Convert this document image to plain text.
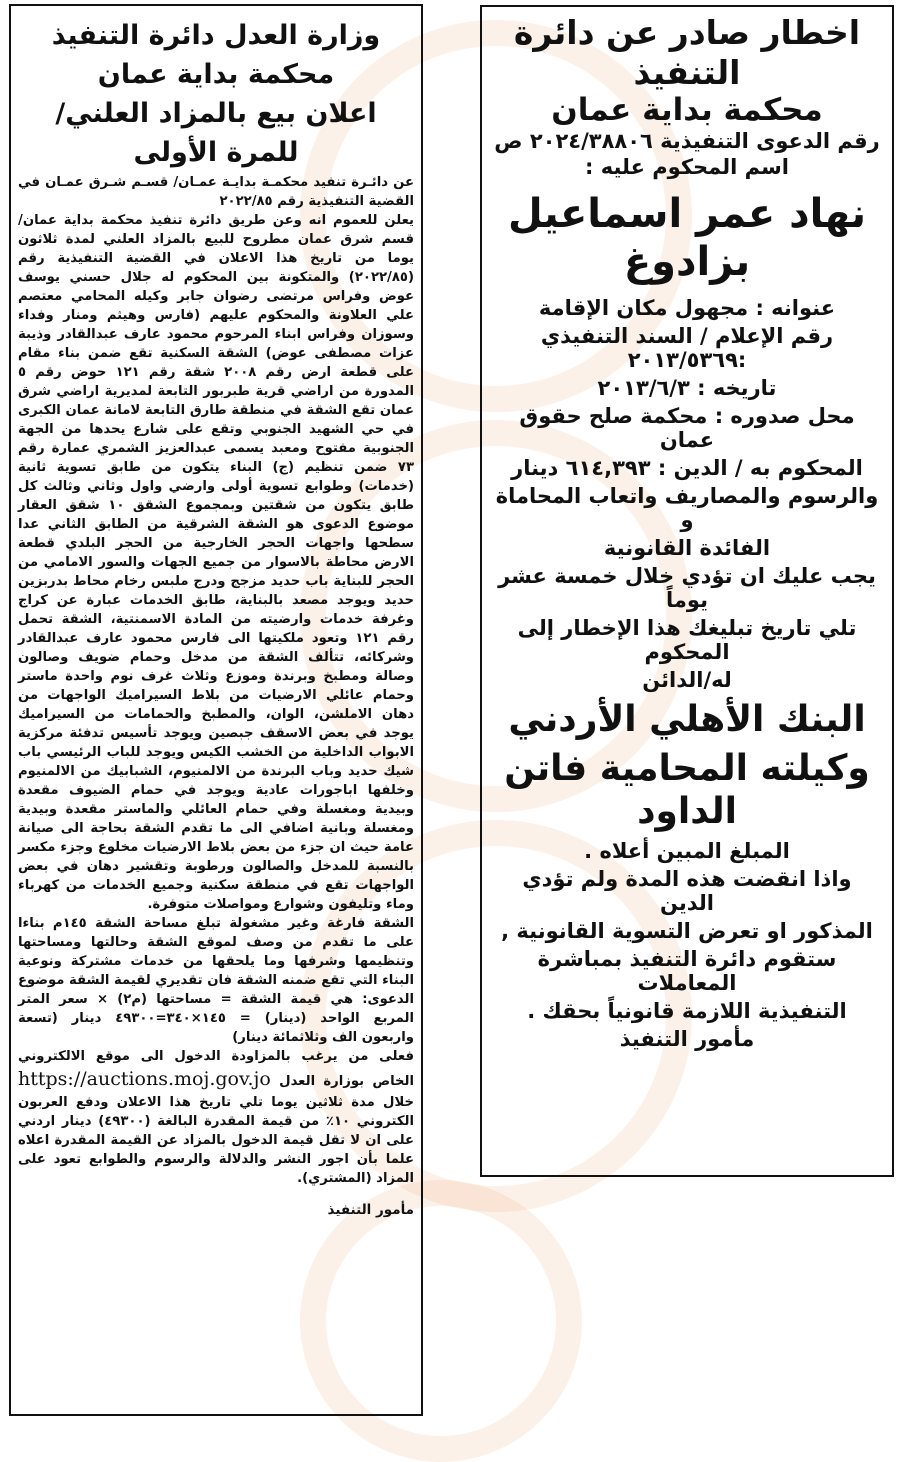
وزارة العدل دائرة التنفيذ

محكمة بداية عمان

اعلان بيع بالمزاد العلني/

للمرة الأولى

عن دائـرة تنفيد محكمـة بدايـة عمـان/ قسـم شـرق عمـان في القضية التنفيذية رقم ٢٠٢٢/٨٥

يعلن للعموم انه وعن طريق دائرة تنفيذ محكمة بداية عمان/ قسم شرق عمان مطروح للبيع بالمزاد العلني لمدة ثلاثون يوما من تاريخ هذا الاعلان في القضية التنفيذية رقم (٢٠٢٢/٨٥) والمتكونة بين المحكوم له جلال حسني يوسف عوض وفراس مرتضى رضوان جابر وكيله المحامي معتصم علي العلاونة والمحكوم عليهم (فارس وهيثم ومنار وفداء وسوزان وفراس ابناء المرحوم محمود عارف عبدالقادر وذيبة عزات مصطفى عوض) الشقة السكنية تقع ضمن بناء مقام على قطعة ارض رقم ٢٠٠٨ شقة رقم ١٢١ حوض رقم ٥ المدورة من اراضي قرية طبربور التابعة لمديرية اراضي شرق عمان تقع الشقة في منطقة طارق التابعة لامانة عمان الكبرى في حي الشهيد الجنوبي وتقع على شارع يحدها من الجهة الجنوبية مفتوح ومعبد يسمى عبدالعزيز الشمري عمارة رقم ٧٣ ضمن تنظيم (ج) البناء يتكون من طابق تسوية ثانية (خدمات) وطوابع تسوية أولى وارضي واول وثاني وثالث كل طابق يتكون من شقتين وبمجموع الشقق ١٠ شقق العقار موضوع الدعوى هو الشقة الشرقية من الطابق الثاني عدا سطحها واجهات الحجر الخارجية من الحجر البلدي قطعة الارض محاطة بالاسوار من جميع الجهات والسور الامامي من الحجر للبناية باب حديد مزجج ودرج ملبس رخام محاط بدربزين حديد ويوجد مصعد بالبناية، طابق الخدمات عبارة عن كراج وغرفة خدمات وارضيته من المادة الاسمنتية، الشقة تحمل رقم ١٢١ وتعود ملكيتها الى فارس محمود عارف عبدالقادر وشركائه، تتألف الشقة من مدخل وحمام ضويف وصالون وصالة ومطبخ وبرندة وموزع وثلاث غرف نوم واحدة ماستر وحمام عائلي الارضيات من بلاط السيراميك الواجهات من دهان الاملشن، الوان، والمطبخ والحمامات من السيراميك يوجد في بعض الاسقف جبصين ويوجد تأسيس تدفئة مركزية الابواب الداخلية من الخشب الكيس ويوجد للباب الرئيسي باب شيك حديد وباب البرندة من الالمنيوم، الشبابيك من الالمنيوم وخلفها اباجورات عادية ويوجد في حمام الضيوف مقعدة وبيدية ومغسلة وفي حمام العائلي والماستر مقعدة وبيدية ومغسلة وبانية اضافي الى ما تقدم الشقة بحاجة الى صيانة عامة حيث ان جزء من بعض بلاط الارضيات مخلوع وجزء مكسر بالنسبة للمدخل والصالون ورطوبة وتقشير دهان في بعض الواجهات تقع في منطقة سكنية وجميع الخدمات من كهرباء وماء وتليفون وشوارع ومواصلات متوفرة.

الشقة فارغة وغير مشغولة تبلغ مساحة الشقة ١٤٥م بناءا على ما تقدم من وصف لموقع الشقة وحالتها ومساحتها وتنظيمها وشرفها وما يلحقها من خدمات مشتركة ونوعية البناء التي تقع ضمنه الشقة فان تقديري لقيمة الشقة موضوع الدعوى: هي قيمة الشقة = مساحتها (م٢) × سعر المتر المربع الواحد (دينار) = ١٤٥×٣٤٠=٤٩٣٠٠ دينار (تسعة واربعون الف وثلاثمائة دينار)

فعلى من يرغب بالمزاودة الدخول الى موقع الالكتروني الخاص بوزارة العدل https://auctions.moj.gov.jo خلال مدة ثلاثين يوما تلي تاريخ هذا الاعلان ودفع العربون الكتروني ١٠٪ من قيمة المقدرة البالغة (٤٩٣٠٠) دينار اردني على ان لا تقل قيمة الدخول بالمزاد عن القيمة المقدرة اعلاه علما بأن اجور النشر والدلالة والرسوم والطوابع تعود على المزاد (المشتري).

مأمور التنفيذ

اخطار صادر عن دائرة التنفيذ

محكمة بداية عمان

رقم الدعوى التنفيذية ٢٠٢٤/٣٨٨٠٦ ص

اسم المحكوم عليه :

نهاد عمر اسماعيل بزادوغ

عنوانه : مجهول مكان الإقامة

رقم الإعلام / السند التنفيذي :٢٠١٣/٥٣٦٩

تاريخه : ٢٠١٣/٦/٣

محل صدوره : محكمة صلح حقوق عمان

المحكوم به / الدين : ٦١٤,٣٩٣ دينار

والرسوم والمصاريف واتعاب المحاماة و

الفائدة القانونية

يجب عليك ان تؤدي خلال خمسة عشر يوماً

تلي تاريخ تبليغك هذا الإخطار إلى المحكوم

له/الدائن

البنك الأهلي الأردني

وكيلته المحامية فاتن الداود

المبلغ المبين أعلاه .

واذا انقضت هذه المدة ولم تؤدي الدين

المذكور او تعرض التسوية القانونية ,

ستقوم دائرة التنفيذ بمباشرة المعاملات

التنفيذية اللازمة قانونياً بحقك .

مأمور التنفيذ
